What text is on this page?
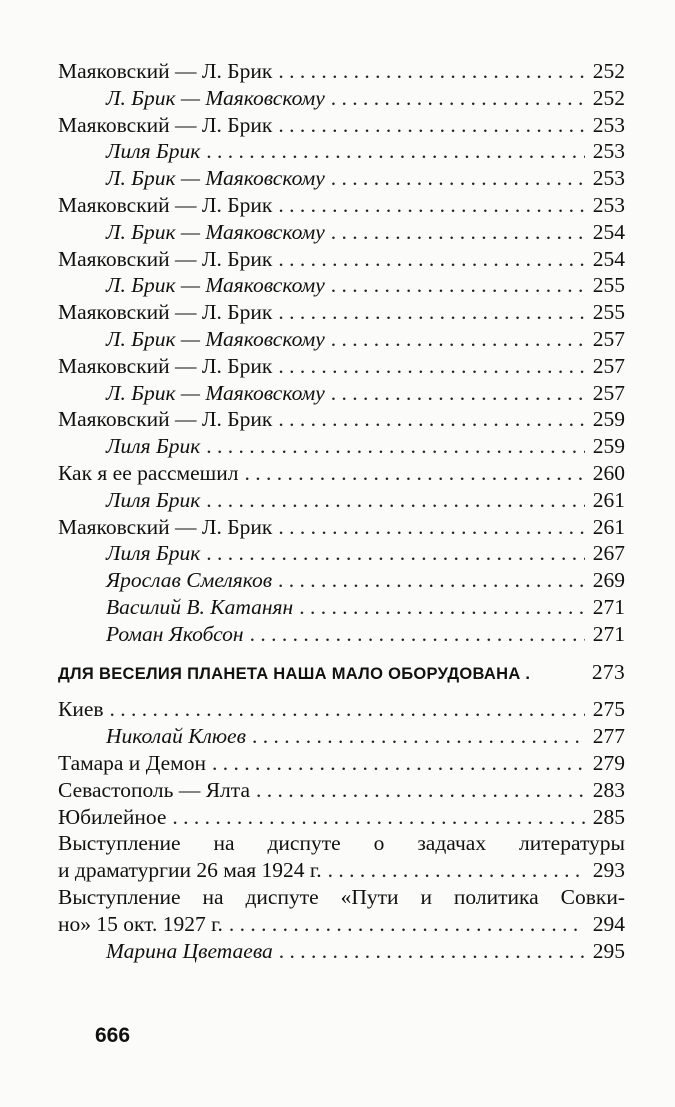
Маяковский — Л. Брик . . .	252
Л. Брик — Маяковскому . . .	252
Маяковский — Л. Брик . . .	253
Лиля Брик . . .	253
Л. Брик — Маяковскому . . .	253
Маяковский — Л. Брик . . .	253
Л. Брик — Маяковскому . . .	254
Маяковский — Л. Брик . . .	254
Л. Брик — Маяковскому . . .	255
Маяковский — Л. Брик . . .	255
Л. Брик — Маяковскому . . .	257
Маяковский — Л. Брик . . .	257
Л. Брик — Маяковскому . . .	257
Маяковский — Л. Брик . . .	259
Лиля Брик . . .	259
Как я ее рассмешил . . .	260
Лиля Брик . . .	261
Маяковский — Л. Брик . . .	261
Лиля Брик . . .	267
Ярослав Смеляков . . .	269
Василий В. Катанян . . .	271
Роман Якобсон . . .	271
ДЛЯ ВЕСЕЛИЯ ПЛАНЕТА НАША МАЛО ОБОРУДОВАНА .	273
Киев . . .	275
Николай Клюев . . .	277
Тамара и Демон . . .	279
Севастополь — Ялта . . .	283
Юбилейное . . .	285
Выступление на диспуте о задачах литературы
и драматургии 26 мая 1924 г. . . .	293
Выступление на диспуте «Пути и политика Совки-
но» 15 окт. 1927 г. . . .	294
Марина Цветаева . . .	295
666
